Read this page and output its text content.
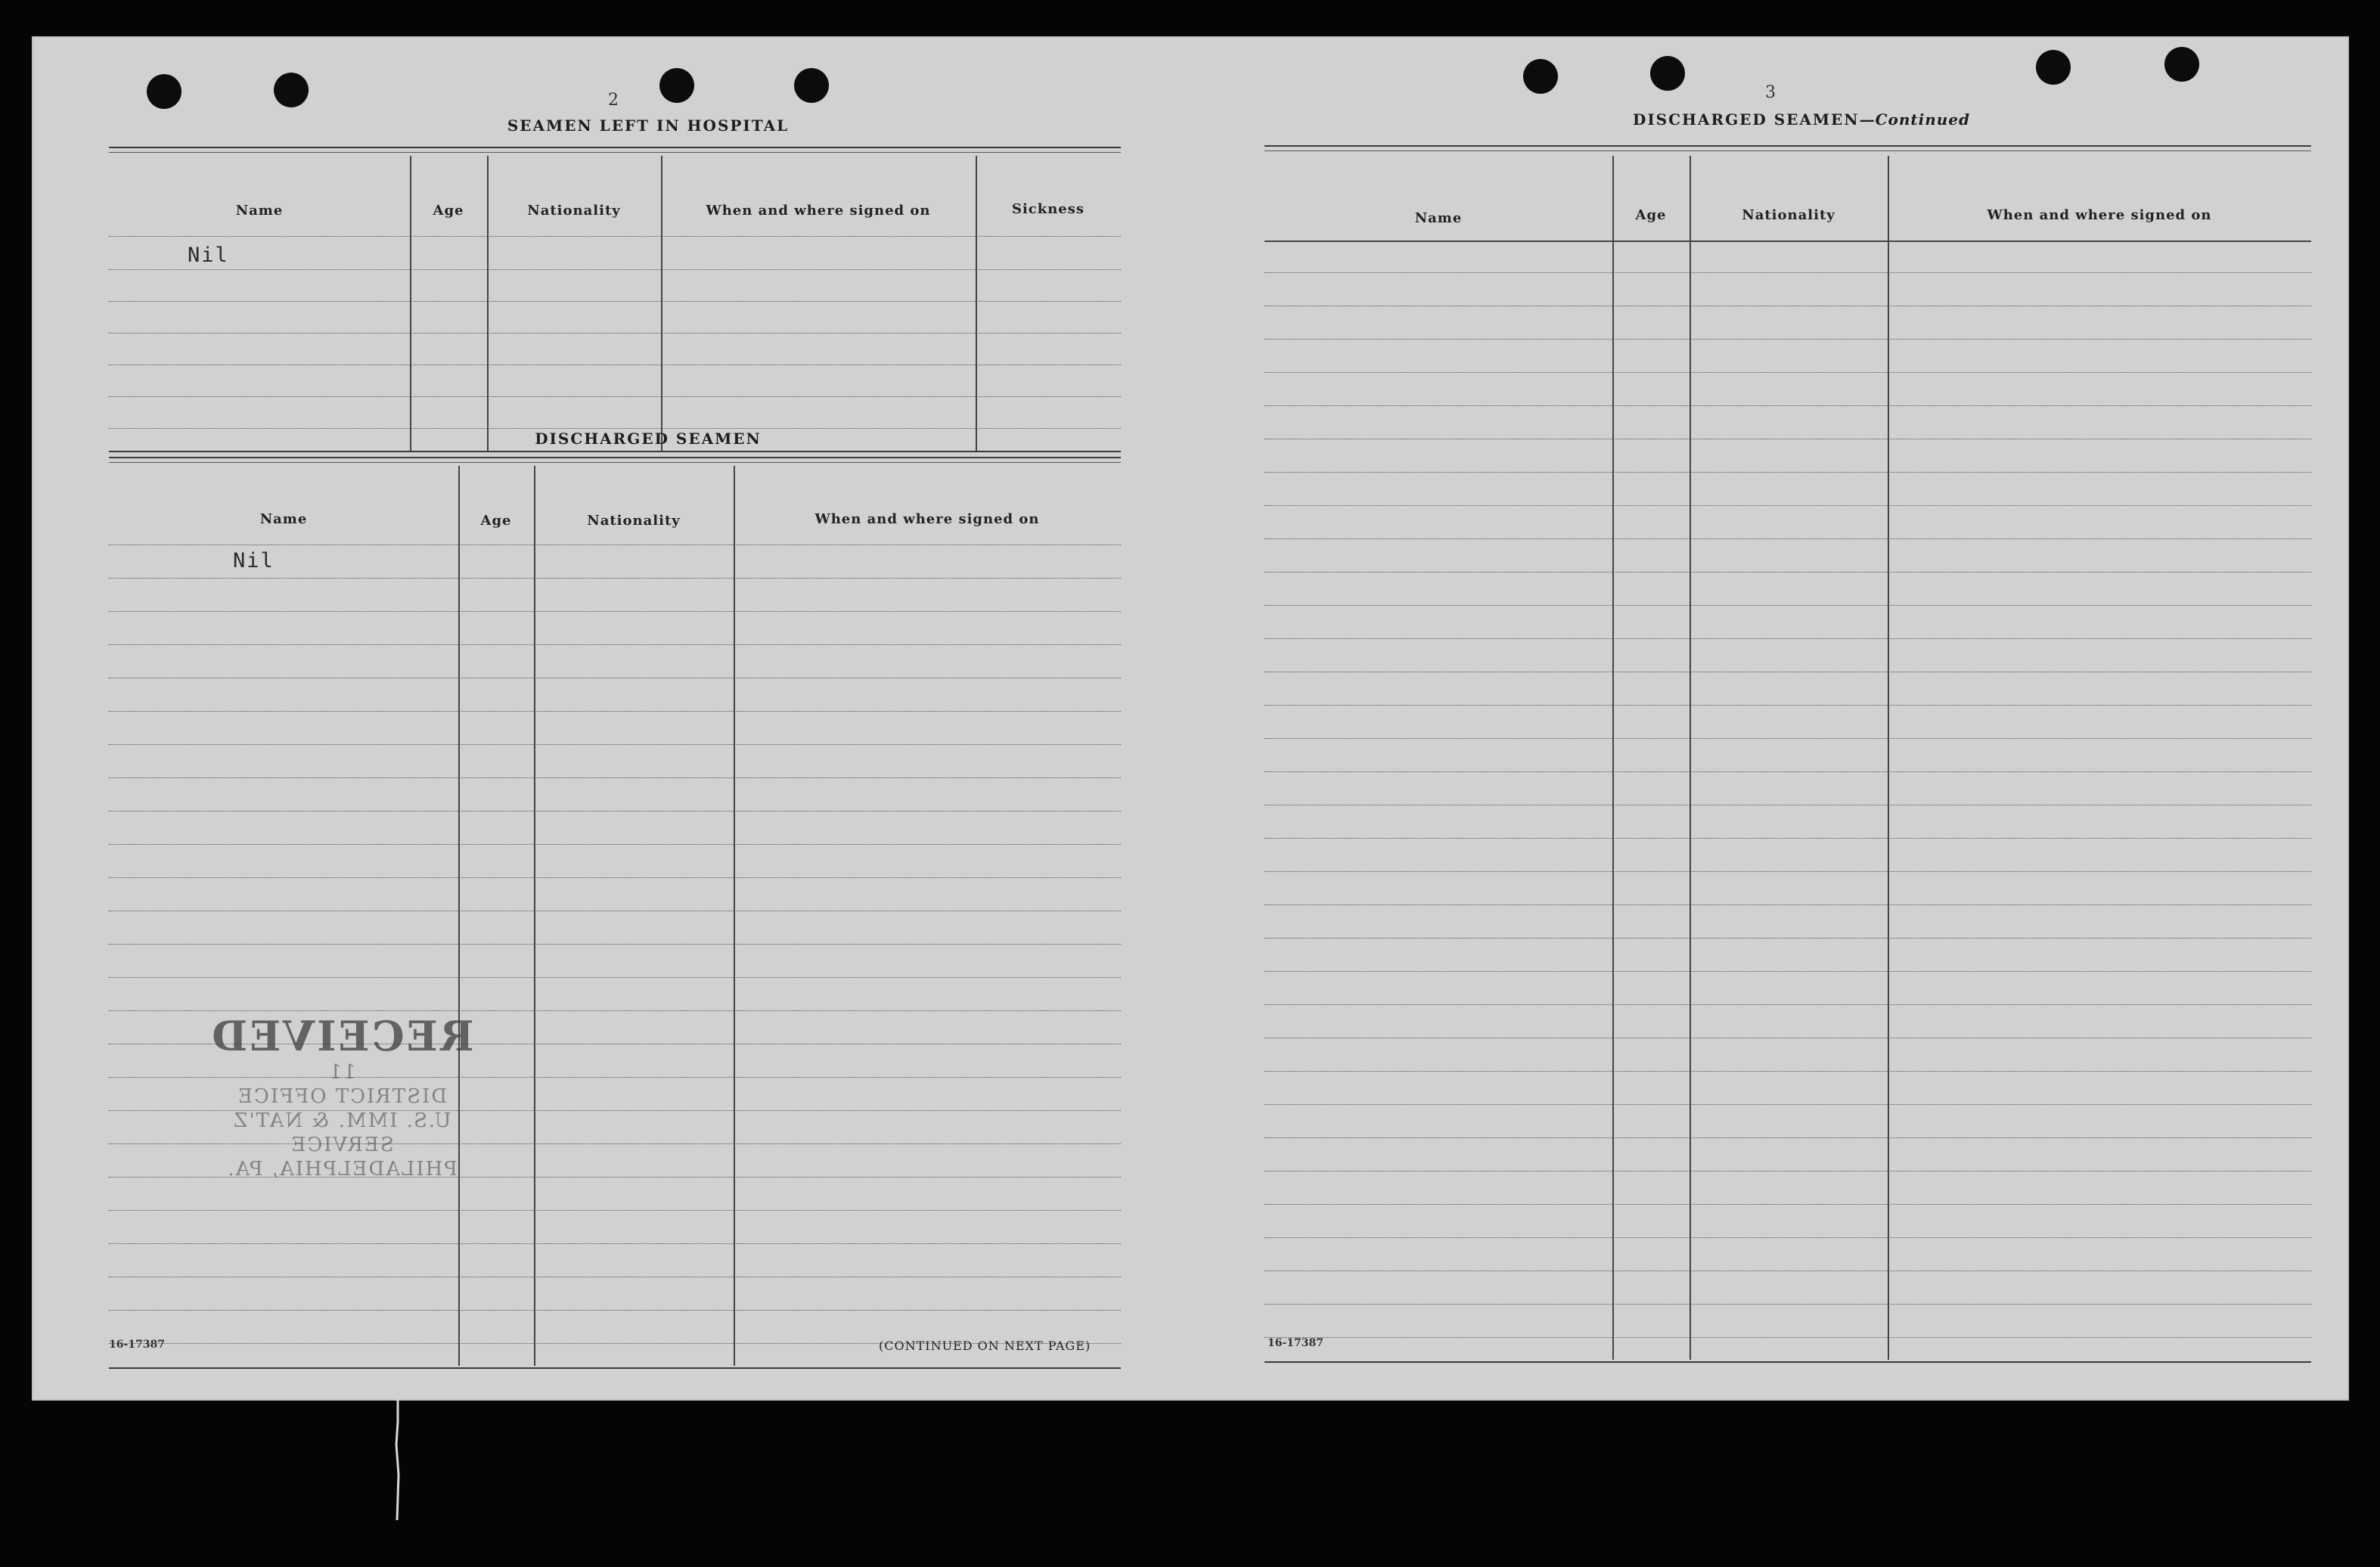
2
SEAMEN LEFT IN HOSPITAL
Name	Age	Nationality	When and where signed on	Sickness
Nil
DISCHARGED SEAMEN
Name	Age	Nationality	When and where signed on
Nil
16-17387	(CONTINUED ON NEXT PAGE)
RECEIVED
11
DISTRICT OFFICE
U.S. IMM. & NAT'Z SERVICE
PHILADELPHIA, PA.
3
DISCHARGED SEAMEN—Continued
Name	Age	Nationality	When and where signed on
16-17387
